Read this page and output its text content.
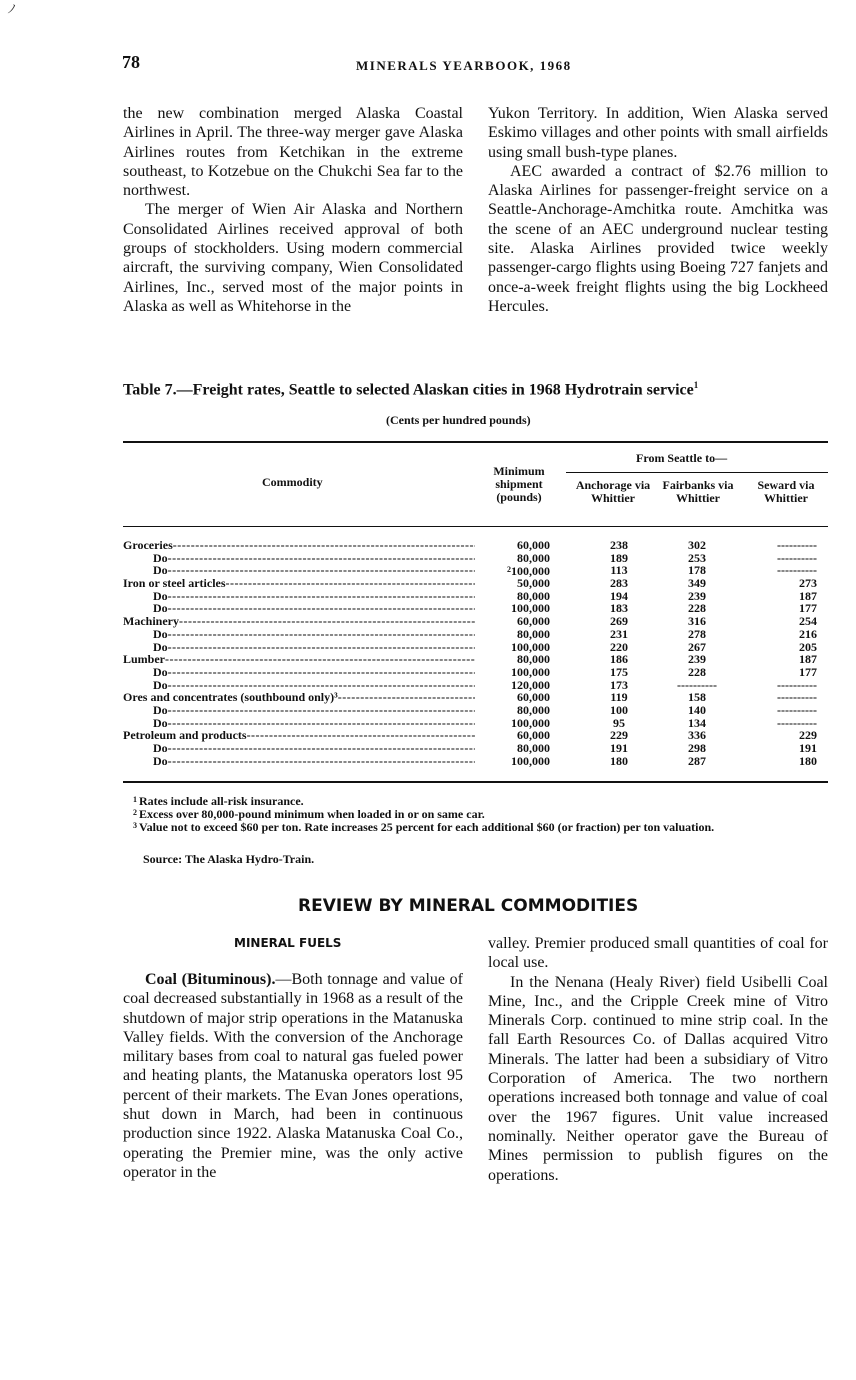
ノ
78	MINERALS YEARBOOK, 1968

the new combination merged Alaska Coastal Airlines in April. The three-way merger gave Alaska Airlines routes from Ketchikan in the extreme southeast, to Kotzebue on the Chukchi Sea far to the northwest.

The merger of Wien Air Alaska and Northern Consolidated Airlines received approval of both groups of stockholders. Using modern commercial aircraft, the surviving company, Wien Consolidated Airlines, Inc., served most of the major points in Alaska as well as Whitehorse in the

Yukon Territory. In addition, Wien Alaska served Eskimo villages and other points with small airfields using small bush-type planes.

AEC awarded a contract of $2.76 million to Alaska Airlines for passenger-freight service on a Seattle-Anchorage-Amchitka route. Amchitka was the scene of an AEC underground nuclear testing site. Alaska Airlines provided twice weekly passenger-cargo flights using Boeing 727 fanjets and once-a-week freight flights using the big Lockheed Hercules.

Table 7.—Freight rates, Seattle to selected Alaskan cities in 1968 Hydrotrain service$^1$
(Cents per hundred pounds)
Commodity
Minimum shipment (pounds)
From Seattle to—
Anchorage via Whittier
Fairbanks via Whittier
Seward via Whittier
Groceries -----	60,000	238	302	----------
Do -----	80,000	189	253	----------
Do -----	$^2$100,000	113	178	----------
Iron or steel articles -----	50,000	283	349	273
Do -----	80,000	194	239	187
Do -----	100,000	183	228	177
Machinery -----	60,000	269	316	254
Do -----	80,000	231	278	216
Do -----	100,000	220	267	205
Lumber -----	80,000	186	239	187
Do -----	100,000	175	228	177
Do -----	120,000	173	----------	----------
Ores and concentrates (southbound only)³ -----	60,000	119	158	----------
Do -----	80,000	100	140	----------
Do -----	100,000	95	134	----------
Petroleum and products -----	60,000	229	336	229
Do -----	80,000	191	298	191
Do -----	100,000	180	287	180
$^1$ Rates include all-risk insurance.
$^2$ Excess over 80,000-pound minimum when loaded in or on same car.
$^3$ Value not to exceed $60 per ton. Rate increases 25 percent for each additional $60 (or fraction) per ton valuation.
Source: The Alaska Hydro-Train.
REVIEW BY MINERAL COMMODITIES
MINERAL FUELS

Coal (Bituminous).—Both tonnage and value of coal decreased substantially in 1968 as a result of the shutdown of major strip operations in the Matanuska Valley fields. With the conversion of the Anchorage military bases from coal to natural gas fueled power and heating plants, the Matanuska operators lost 95 percent of their markets. The Evan Jones operations, shut down in March, had been in continuous production since 1922. Alaska Matanuska Coal Co., operating the Premier mine, was the only active operator in the

valley. Premier produced small quantities of coal for local use.

In the Nenana (Healy River) field Usibelli Coal Mine, Inc., and the Cripple Creek mine of Vitro Minerals Corp. continued to mine strip coal. In the fall Earth Resources Co. of Dallas acquired Vitro Minerals. The latter had been a subsidiary of Vitro Corporation of America. The two northern operations increased both tonnage and value of coal over the 1967 figures. Unit value increased nominally. Neither operator gave the Bureau of Mines permission to publish figures on the operations.
